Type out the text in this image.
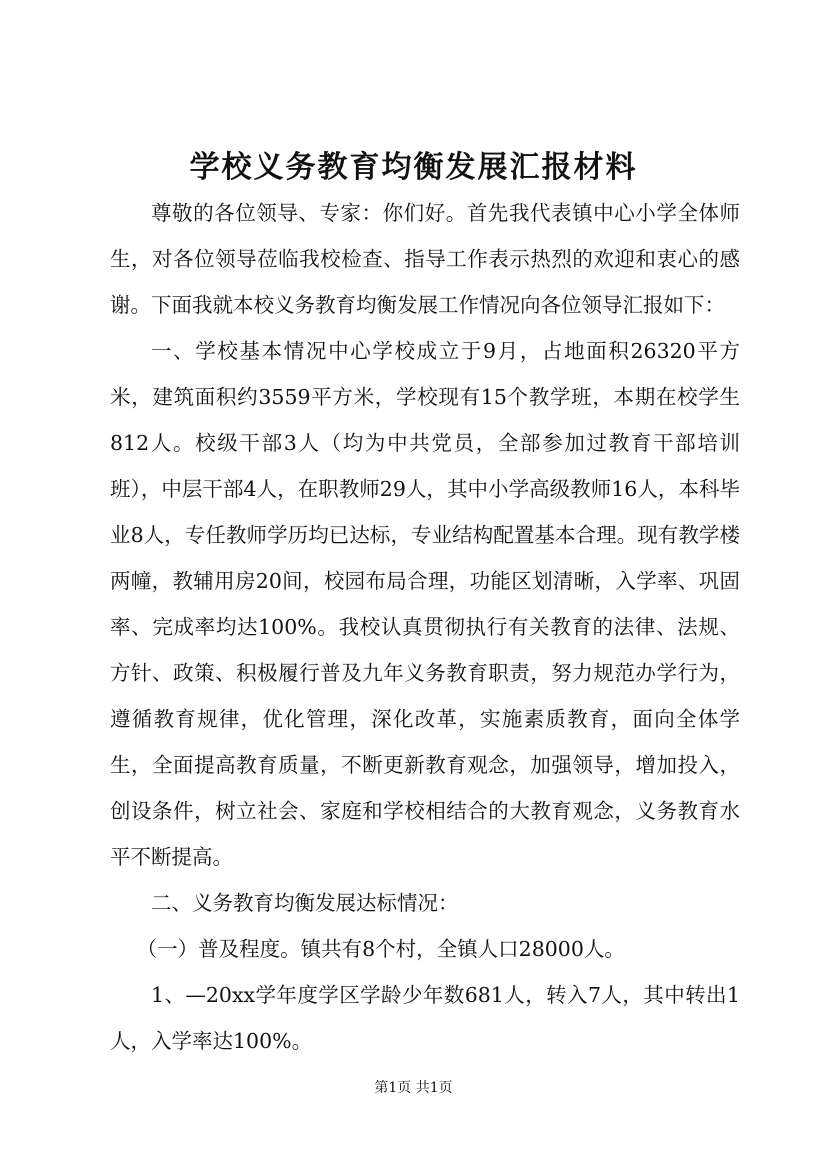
学校义务教育均衡发展汇报材料

尊敬的各位领导、专家：你们好。首先我代表镇中心小学全体师生，对各位领导莅临我校检查、指导工作表示热烈的欢迎和衷心的感谢。下面我就本校义务教育均衡发展工作情况向各位领导汇报如下：

一、学校基本情况中心学校成立于9月，占地面积26320平方米，建筑面积约3559平方米，学校现有15个教学班，本期在校学生812人。校级干部3人（均为中共党员，全部参加过教育干部培训班），中层干部4人，在职教师29人，其中小学高级教师16人，本科毕业8人，专任教师学历均已达标，专业结构配置基本合理。现有教学楼两幢，教辅用房20间，校园布局合理，功能区划清晰，入学率、巩固率、完成率均达100%。我校认真贯彻执行有关教育的法律、法规、方针、政策、积极履行普及九年义务教育职责，努力规范办学行为，遵循教育规律，优化管理，深化改革，实施素质教育，面向全体学生，全面提高教育质量，不断更新教育观念，加强领导，增加投入，创设条件，树立社会、家庭和学校相结合的大教育观念，义务教育水平不断提高。

二、义务教育均衡发展达标情况：

（一）普及程度。镇共有8个村，全镇人口28000人。

1、—20xx学年度学区学龄少年数681人，转入7人，其中转出1人，入学率达100%。

第1页 共1页
